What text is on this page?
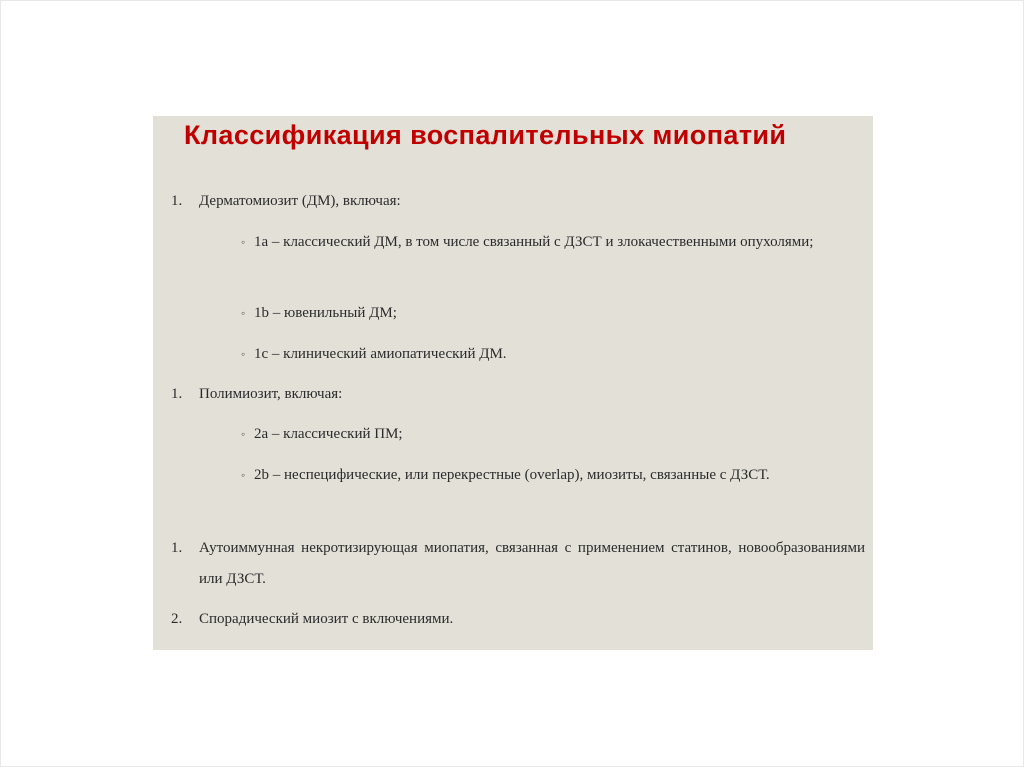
Классификация воспалительных миопатий
1. Дерматомиозит (ДМ), включая:
◦ 1a – классический ДМ, в том числе связанный с ДЗСТ и злокачественными опухолями;
◦ 1b – ювенильный ДМ;
◦ 1c – клинический амиопатический ДМ.
1. Полимиозит, включая:
◦ 2a – классический ПМ;
◦ 2b – неспецифические, или перекрестные (overlap), миозиты, связанные с ДЗСТ.
1. Аутоиммунная некротизирующая миопатия, связанная с применением статинов, новообразованиями или ДЗСТ.
2. Спорадический миозит с включениями.
